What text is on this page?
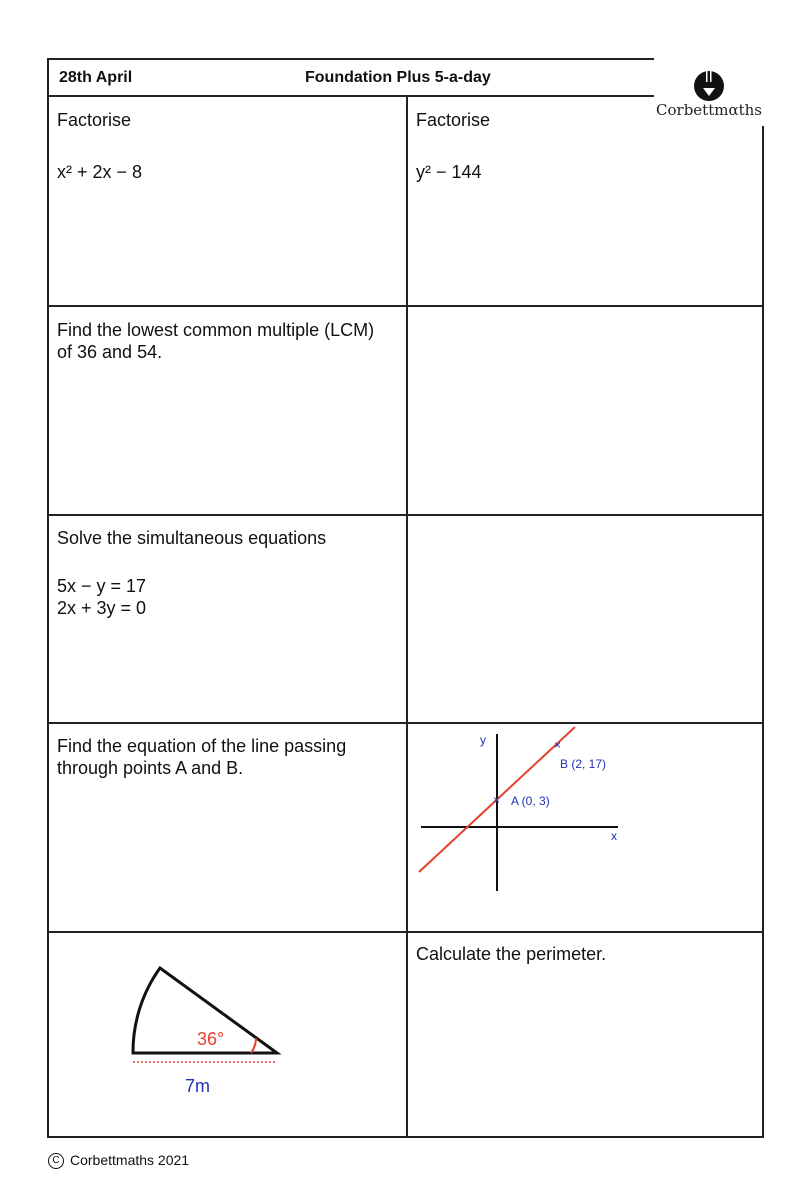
28th April	Foundation Plus 5-a-day

Factorise

x² + 2x − 8

Factorise

y² − 144

Find the lowest common multiple (LCM)

of 36 and 54.

Solve the simultaneous equations

5x − y = 17

2x + 3y = 0

Find the equation of the line passing

through points A and B.

y
x
× A (0, 3)
×
B (2, 17)
36°
7m

Calculate the perimeter.

Corbettmαths
C Corbettmaths 2021
